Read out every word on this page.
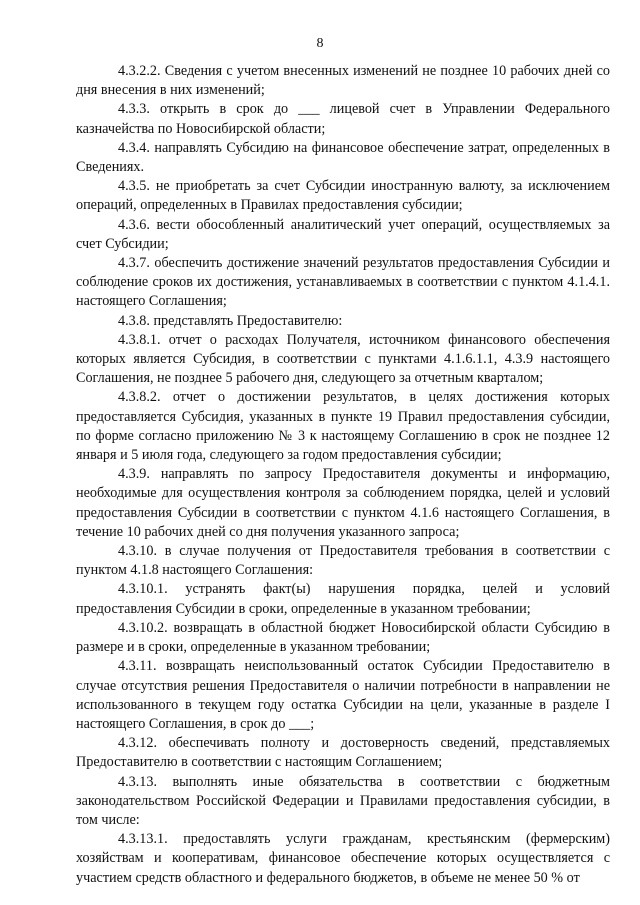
8

4.3.2.2. Сведения с учетом внесенных изменений не позднее 10 рабочих дней со дня внесения в них изменений;

4.3.3. открыть в срок до ___ лицевой счет в Управлении Федерального казначейства по Новосибирской области;

4.3.4. направлять Субсидию на финансовое обеспечение затрат, определенных в Сведениях.

4.3.5. не приобретать за счет Субсидии иностранную валюту, за исключением операций, определенных в Правилах предоставления субсидии;

4.3.6. вести обособленный аналитический учет операций, осуществляемых за счет Субсидии;

4.3.7. обеспечить достижение значений результатов предоставления Субсидии и соблюдение сроков их достижения, устанавливаемых в соответствии с пунктом 4.1.4.1. настоящего Соглашения;

4.3.8. представлять Предоставителю:

4.3.8.1. отчет о расходах Получателя, источником финансового обеспечения которых является Субсидия, в соответствии с пунктами 4.1.6.1.1, 4.3.9 настоящего Соглашения, не позднее 5 рабочего дня, следующего за отчетным кварталом;

4.3.8.2. отчет о достижении результатов, в целях достижения которых предоставляется Субсидия, указанных в пункте 19 Правил предоставления субсидии, по форме согласно приложению № 3 к настоящему Соглашению в срок не позднее 12 января и 5 июля года, следующего за годом предоставления субсидии;

4.3.9. направлять по запросу Предоставителя документы и информацию, необходимые для осуществления контроля за соблюдением порядка, целей и условий предоставления Субсидии в соответствии с пунктом 4.1.6 настоящего Соглашения, в течение 10 рабочих дней со дня получения указанного запроса;

4.3.10. в случае получения от Предоставителя требования в соответствии с пунктом 4.1.8 настоящего Соглашения:

4.3.10.1. устранять факт(ы) нарушения порядка, целей и условий предоставления Субсидии в сроки, определенные в указанном требовании;

4.3.10.2. возвращать в областной бюджет Новосибирской области Субсидию в размере и в сроки, определенные в указанном требовании;

4.3.11. возвращать неиспользованный остаток Субсидии Предоставителю в случае отсутствия решения Предоставителя о наличии потребности в направлении не использованного в текущем году остатка Субсидии на цели, указанные в разделе I настоящего Соглашения, в срок до ___;

4.3.12. обеспечивать полноту и достоверность сведений, представляемых Предоставителю в соответствии с настоящим Соглашением;

4.3.13. выполнять иные обязательства в соответствии с бюджетным законодательством Российской Федерации и Правилами предоставления субсидии, в том числе:

4.3.13.1. предоставлять услуги гражданам, крестьянским (фермерским) хозяйствам и кооперативам, финансовое обеспечение которых осуществляется с участием средств областного и федерального бюджетов, в объеме не менее 50 % от
